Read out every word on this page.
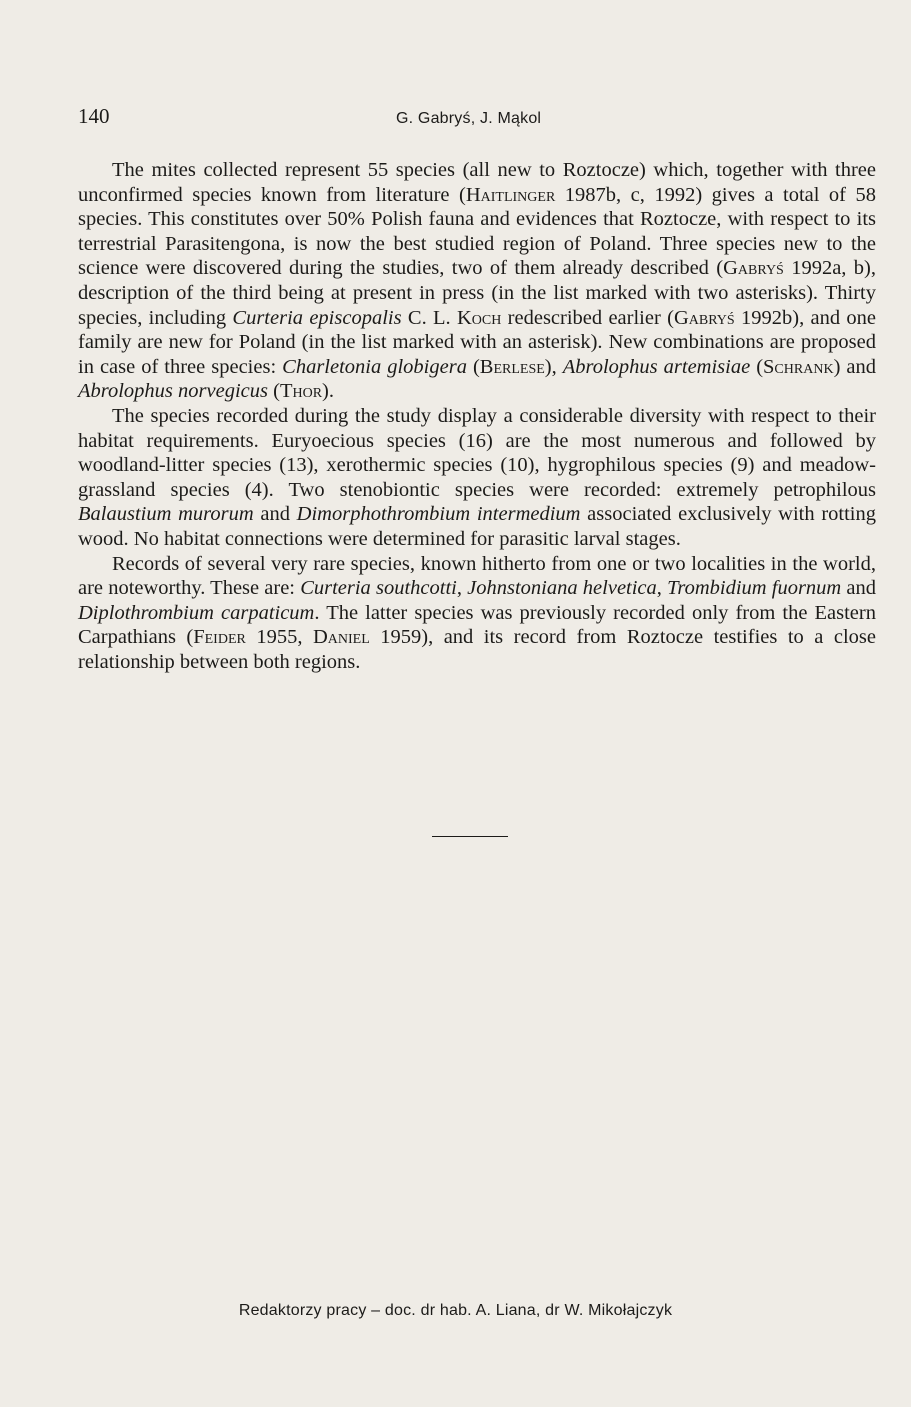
140	G. Gabryś, J. Mąkol

The mites collected represent 55 species (all new to Roztocze) which, together with three unconfirmed species known from literature (Haitlinger 1987b, c, 1992) gives a total of 58 species. This constitutes over 50% Polish fauna and evidences that Roztocze, with respect to its terrestrial Parasitengona, is now the best studied region of Poland. Three species new to the science were discovered during the studies, two of them already described (Gabryś 1992a, b), description of the third being at present in press (in the list marked with two asterisks). Thirty species, including Curteria episcopalis C. L. Koch redescribed earlier (Gabryś 1992b), and one family are new for Poland (in the list marked with an asterisk). New combinations are proposed in case of three species: Charletonia globigera (Berlese), Abrolophus artemisiae (Schrank) and Abrolophus norvegicus (Thor).

The species recorded during the study display a considerable diversity with respect to their habitat requirements. Euryoecious species (16) are the most numerous and followed by woodland-litter species (13), xerothermic species (10), hygrophilous species (9) and meadow-grassland species (4). Two stenobiontic species were recorded: extremely petrophilous Balaustium murorum and Dimorphothrombium intermedium associated exclusively with rotting wood. No habitat connections were determined for parasitic larval stages.

Records of several very rare species, known hitherto from one or two localities in the world, are noteworthy. These are: Curteria southcotti, Johnstoniana helvetica, Trombidium fuornum and Diplothrombium carpaticum. The latter species was previously recorded only from the Eastern Carpathians (Feider 1955, Daniel 1959), and its record from Roztocze testifies to a close relationship between both regions.

Redaktorzy pracy – doc. dr hab. A. Liana, dr W. Mikołajczyk
